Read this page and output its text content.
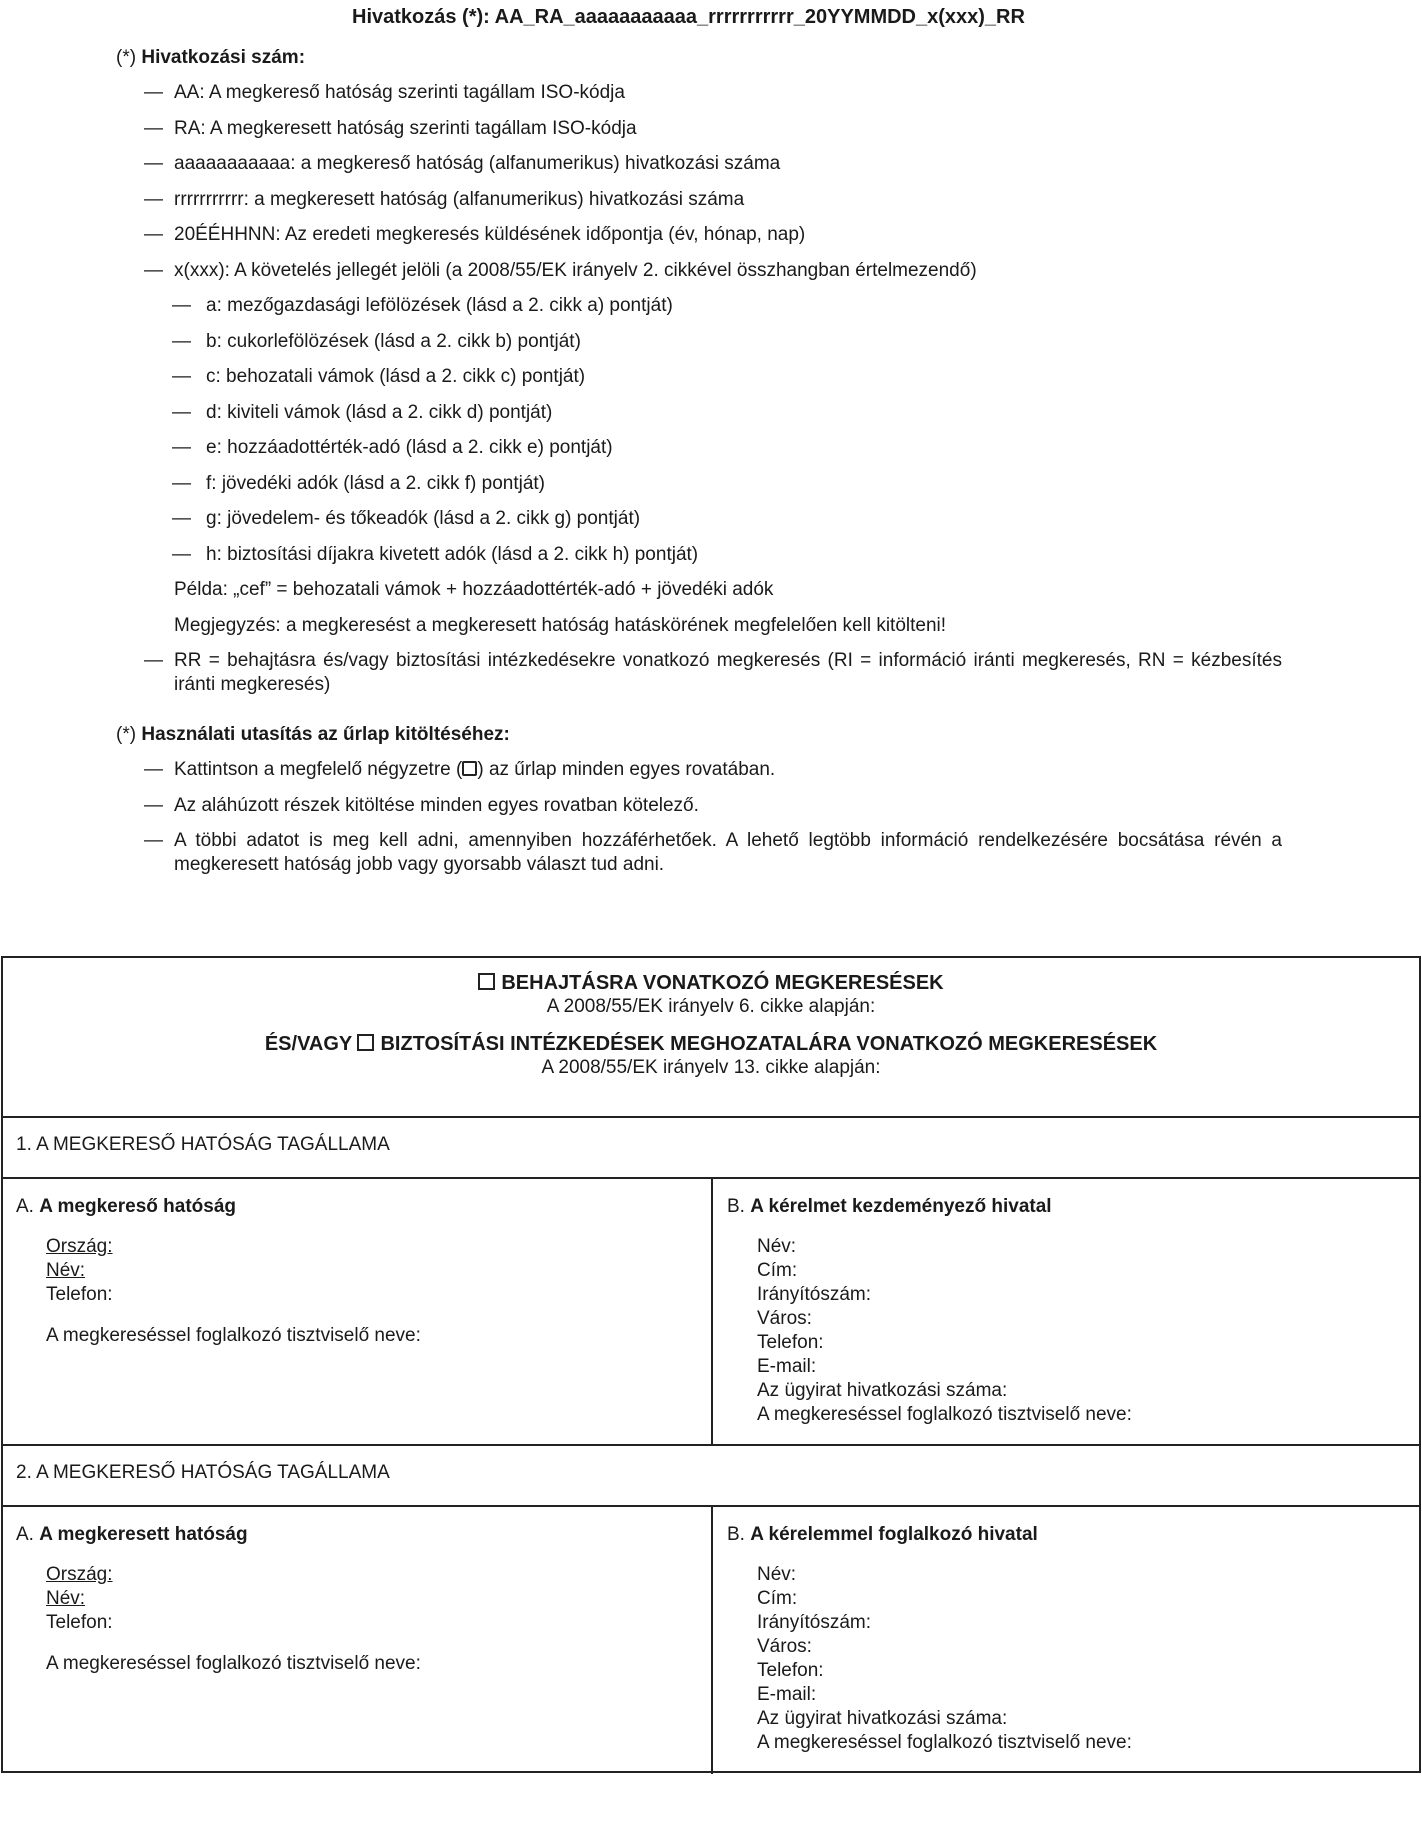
Hivatkozás (*): AA_RA_aaaaaaaaaaa_rrrrrrrrrrr_20YYMMDD_x(xxx)_RR
(*) Hivatkozási szám:
— AA: A megkereső hatóság szerinti tagállam ISO-kódja
— RA: A megkeresett hatóság szerinti tagállam ISO-kódja
— aaaaaaaaaaa: a megkereső hatóság (alfanumerikus) hivatkozási száma
— rrrrrrrrrrr: a megkeresett hatóság (alfanumerikus) hivatkozási száma
— 20ÉÉHHNN: Az eredeti megkeresés küldésének időpontja (év, hónap, nap)
— x(xxx): A követelés jellegét jelöli (a 2008/55/EK irányelv 2. cikkével összhangban értelmezendő)
— a: mezőgazdasági lefölözések (lásd a 2. cikk a) pontját)
— b: cukorlefölözések (lásd a 2. cikk b) pontját)
— c: behozatali vámok (lásd a 2. cikk c) pontját)
— d: kiviteli vámok (lásd a 2. cikk d) pontját)
— e: hozzáadottérték-adó (lásd a 2. cikk e) pontját)
— f: jövedéki adók (lásd a 2. cikk f) pontját)
— g: jövedelem- és tőkeadók (lásd a 2. cikk g) pontját)
— h: biztosítási díjakra kivetett adók (lásd a 2. cikk h) pontját)
Példa: „cef” = behozatali vámok + hozzáadottérték-adó + jövedéki adók
Megjegyzés: a megkeresést a megkeresett hatóság hatáskörének megfelelően kell kitölteni!
— RR = behajtásra és/vagy biztosítási intézkedésekre vonatkozó megkeresés (RI = információ iránti megkeresés, RN = kézbesítés iránti megkeresés)
(*) Használati utasítás az űrlap kitöltéséhez:
— Kattintson a megfelelő négyzetre ( ) az űrlap minden egyes rovatában.
— Az aláhúzott részek kitöltése minden egyes rovatban kötelező.
— A többi adatot is meg kell adni, amennyiben hozzáférhetőek. A lehető legtöbb információ rendelkezésére bocsátása révén a megkeresett hatóság jobb vagy gyorsabb választ tud adni.
BEHAJTÁSRA VONATKOZÓ MEGKERESÉSEK
A 2008/55/EK irányelv 6. cikke alapján:
ÉS/VAGY BIZTOSÍTÁSI INTÉZKEDÉSEK MEGHOZATALÁRA VONATKOZÓ MEGKERESÉSEK
A 2008/55/EK irányelv 13. cikke alapján:
1. A MEGKERESŐ HATÓSÁG TAGÁLLAMA
A. A megkereső hatóság
Ország:
Név:
Telefon:
A megkereséssel foglalkozó tisztviselő neve:
B. A kérelmet kezdeményező hivatal
Név:
Cím:
Irányítószám:
Város:
Telefon:
E-mail:
Az ügyirat hivatkozási száma:
A megkereséssel foglalkozó tisztviselő neve:
2. A MEGKERESŐ HATÓSÁG TAGÁLLAMA
A. A megkeresett hatóság
Ország:
Név:
Telefon:
A megkereséssel foglalkozó tisztviselő neve:
B. A kérelemmel foglalkozó hivatal
Név:
Cím:
Irányítószám:
Város:
Telefon:
E-mail:
Az ügyirat hivatkozási száma:
A megkereséssel foglalkozó tisztviselő neve:
